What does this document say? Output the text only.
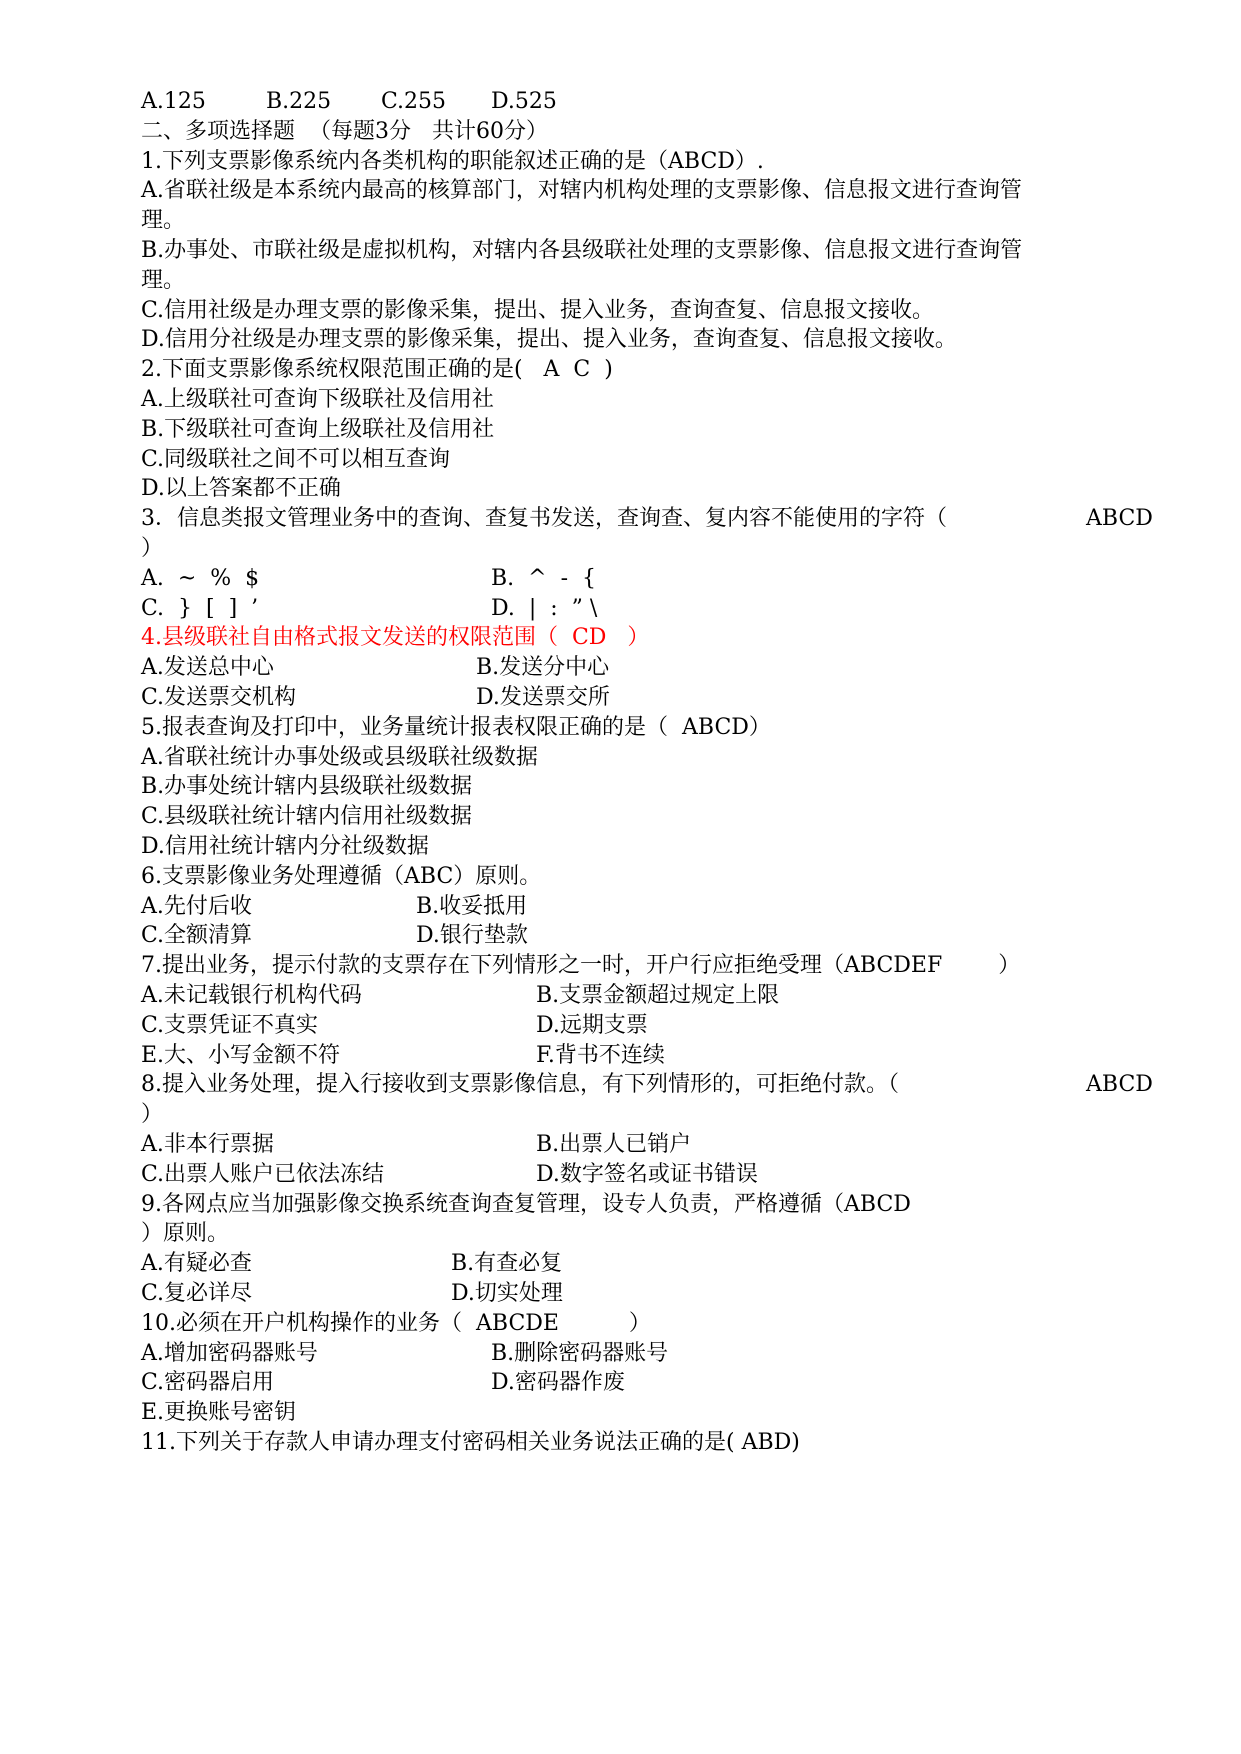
A.125	B.225 C.255 D.525
二、多项选择题  （每题3分   共计60分）
1.下列支票影像系统内各类机构的职能叙述正确的是（ABCD）.
A.省联社级是本系统内最高的核算部门，对辖内机构处理的支票影像、信息报文进行查询管
理。
B.办事处、市联社级是虚拟机构，对辖内各县级联社处理的支票影像、信息报文进行查询管
理。
C.信用社级是办理支票的影像采集，提出、提入业务，查询查复、信息报文接收。
D.信用分社级是办理支票的影像采集，提出、提入业务，查询查复、信息报文接收。
2.下面支票影像系统权限范围正确的是(   A  C  )
A.上级联社可查询下级联社及信用社
B.下级联社可查询上级联社及信用社
C.同级联社之间不可以相互查询
D.以上答案都不正确
3．信息类报文管理业务中的查询、查复书发送，查询查、复内容不能使用的字符（	ABCD
）
A.  ~  %  $	B.  ^  -  {
C.  }  [  ]  ’	D.  |  :  ” \
4.县级联社自由格式报文发送的权限范围（  CD   ）
A.发送总中心	B.发送分中心
C.发送票交机构	D.发送票交所
5.报表查询及打印中，业务量统计报表权限正确的是（  ABCD）
A.省联社统计办事处级或县级联社级数据
B.办事处统计辖内县级联社级数据
C.县级联社统计辖内信用社级数据
D.信用社统计辖内分社级数据
6.支票影像业务处理遵循（ABC）原则。
A.先付后收	B.收妥抵用
C.全额清算	D.银行垫款
7.提出业务，提示付款的支票存在下列情形之一时，开户行应拒绝受理（ABCDEF        ）
A.未记载银行机构代码	B.支票金额超过规定上限
C.支票凭证不真实	D.远期支票
E.大、小写金额不符	F.背书不连续
8.提入业务处理，提入行接收到支票影像信息，有下列情形的，可拒绝付款。（	ABCD
）
A.非本行票据	B.出票人已销户
C.出票人账户已依法冻结	D.数字签名或证书错误
9.各网点应当加强影像交换系统查询查复管理，设专人负责，严格遵循（ABCD
）原则。
A.有疑必查	B.有查必复
C.复必详尽	D.切实处理
10.必须在开户机构操作的业务（  ABCDE          ）
A.增加密码器账号	B.删除密码器账号
C.密码器启用	D.密码器作废
E.更换账号密钥
11.下列关于存款人申请办理支付密码相关业务说法正确的是( ABD)
